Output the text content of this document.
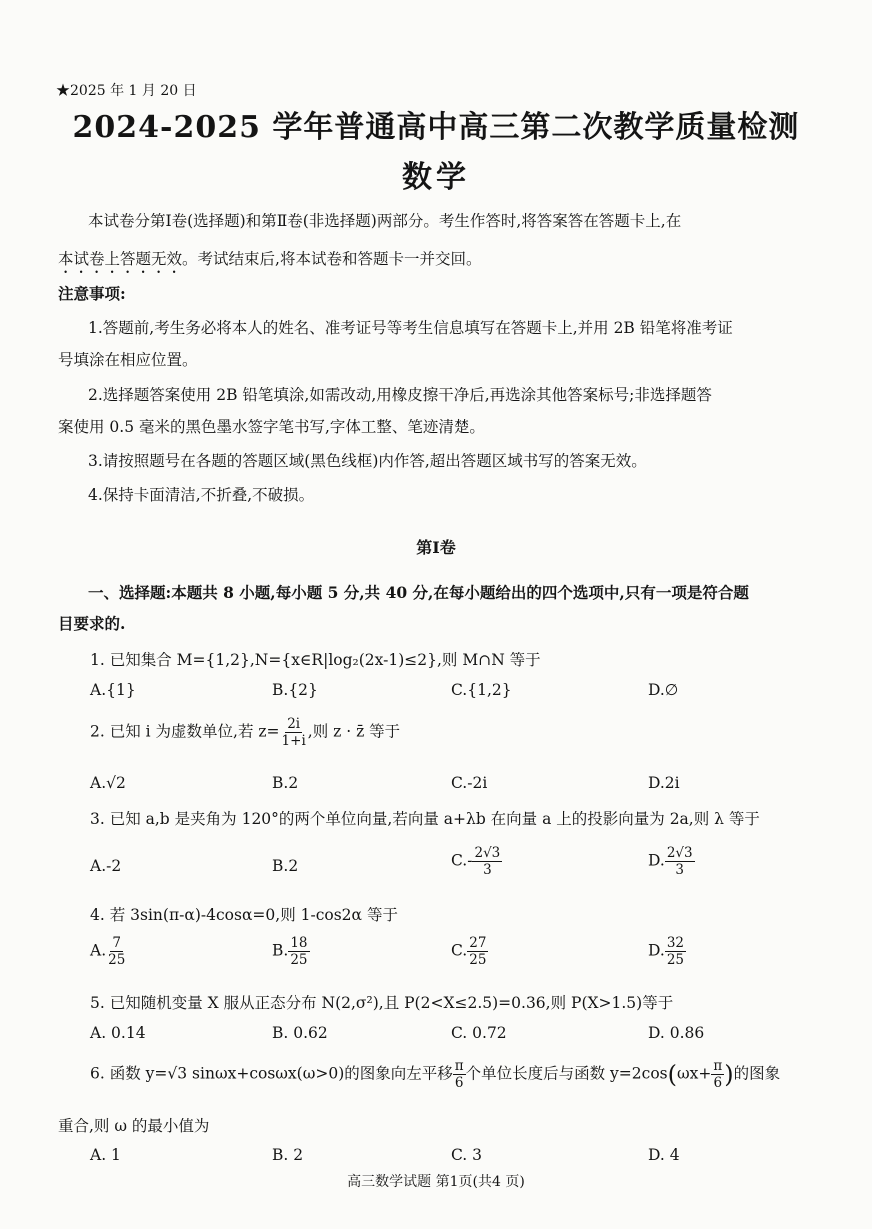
★2025 年 1 月 20 日
2024-2025 学年普通高中高三第二次教学质量检测
数学
本试卷分第Ⅰ卷(选择题)和第Ⅱ卷(非选择题)两部分。考生作答时,将答案答在答题卡上,在
本试卷上答题无效。考试结束后,将本试卷和答题卡一并交回。
注意事项:
1.答题前,考生务必将本人的姓名、准考证号等考生信息填写在答题卡上,并用 2B 铅笔将准考证
号填涂在相应位置。
2.选择题答案使用 2B 铅笔填涂,如需改动,用橡皮擦干净后,再选涂其他答案标号;非选择题答
案使用 0.5 毫米的黑色墨水签字笔书写,字体工整、笔迹清楚。
3.请按照题号在各题的答题区域(黑色线框)内作答,超出答题区域书写的答案无效。
4.保持卡面清洁,不折叠,不破损。
第Ⅰ卷
一、选择题:本题共 8 小题,每小题 5 分,共 40 分,在每小题给出的四个选项中,只有一项是符合题
目要求的.
1. 已知集合 M={1,2},N={x∈R|log₂(2x-1)≤2},则 M∩N 等于
A.{1}	B.{2}	C.{1,2}	D.∅
2. 已知 i 为虚数单位,若 $z= \frac{2i}{1+i}$ ,则 z · z̄ 等于
A.√2	B.2	C.-2i	D.2i
3. 已知 a,b 是夹角为 120°的两个单位向量,若向量 a+λb 在向量 a 上的投影向量为 2a,则 λ 等于
A.-2	B.2	$C.- \frac{2√3}{3}$	D. $\frac{2√3}{3}$
4. 若 3sin(π-α)-4cosα=0,则 1-cos2α 等于
A. $\frac{7}{25}$	B. $\frac{18}{25}$	C. $\frac{27}{25}$	D. $\frac{32}{25}$
5. 已知随机变量 X 服从正态分布 N(2,σ²),且 P(2<X≤2.5)=0.36,则 P(X>1.5)等于
A. 0.14	B. 0.62	C. 0.72	D. 0.86
6. 函数 y=√3 sinωx+cosωx(ω>0)的图象向左平移 $\frac{\pi}{6}$ 个单位长度后与函数 $y=2\cos(\omega x+ \frac{\pi}{6}$ )的图象
重合,则 ω 的最小值为
A. 1	B. 2	C. 3	D. 4
高三数学试题 第1页(共4 页)
